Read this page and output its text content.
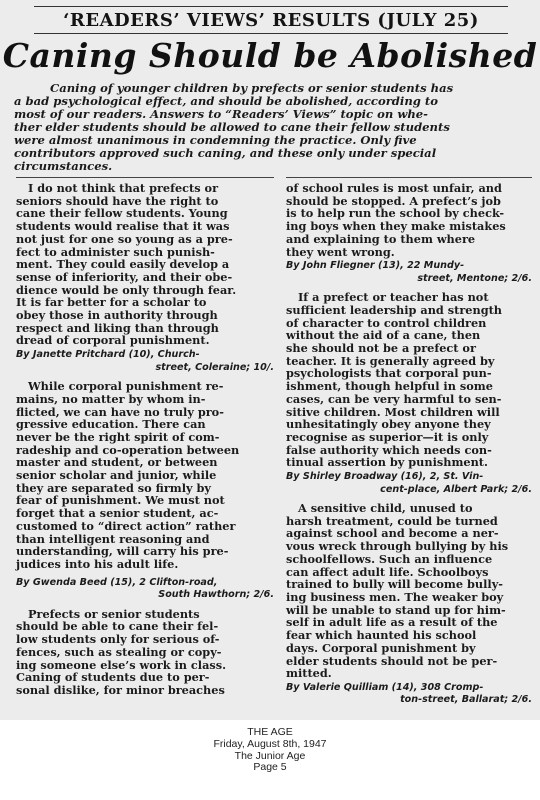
‘READERS’ VIEWS’ RESULTS (JULY 25)
Caning Should be Abolished
Caning of younger children by prefects or senior students has
a bad psychological effect, and should be abolished, according to
most of our readers. Answers to “Readers’ Views” topic on whe-
ther elder students should be allowed to cane their fellow students
were almost unanimous in condemning the practice. Only five
contributors approved such caning, and these only under special
circumstances.
I do not think that prefects or
seniors should have the right to
cane their fellow students. Young
students would realise that it was
not just for one so young as a pre-
fect to administer such punish-
ment. They could easily develop a
sense of inferiority, and their obe-
dience would be only through fear.
It is far better for a scholar to
obey those in authority through
respect and liking than through
dread of corporal punishment.
By Janette Pritchard (10), Church-
street, Coleraine; 10/.
While corporal punishment re-
mains, no matter by whom in-
flicted, we can have no truly pro-
gressive education. There can
never be the right spirit of com-
radeship and co-operation between
master and student, or between
senior scholar and junior, while
they are separated so firmly by
fear of punishment. We must not
forget that a senior student, ac-
customed to “direct action” rather
than intelligent reasoning and
understanding, will carry his pre-
judices into his adult life.
By Gwenda Beed (15), 2 Clifton-road,
South Hawthorn; 2/6.
Prefects or senior students
should be able to cane their fel-
low students only for serious of-
fences, such as stealing or copy-
ing someone else’s work in class.
Caning of students due to per-
sonal dislike, for minor breaches
of school rules is most unfair, and
should be stopped. A prefect’s job
is to help run the school by check-
ing boys when they make mistakes
and explaining to them where
they went wrong.
By John Fliegner (13), 22 Mundy-
street, Mentone; 2/6.
If a prefect or teacher has not
sufficient leadership and strength
of character to control children
without the aid of a cane, then
she should not be a prefect or
teacher. It is generally agreed by
psychologists that corporal pun-
ishment, though helpful in some
cases, can be very harmful to sen-
sitive children. Most children will
unhesitatingly obey anyone they
recognise as superior—it is only
false authority which needs con-
tinual assertion by punishment.
By Shirley Broadway (16), 2, St. Vin-
cent-place, Albert Park; 2/6.
A sensitive child, unused to
harsh treatment, could be turned
against school and become a ner-
vous wreck through bullying by his
schoolfellows. Such an influence
can affect adult life. Schoolboys
trained to bully will become bully-
ing business men. The weaker boy
will be unable to stand up for him-
self in adult life as a result of the
fear which haunted his school
days. Corporal punishment by
elder students should not be per-
mitted.
By Valerie Quilliam (14), 308 Cromp-
ton-street, Ballarat; 2/6.
THE AGE
Friday, August 8th, 1947
The Junior Age
Page 5
